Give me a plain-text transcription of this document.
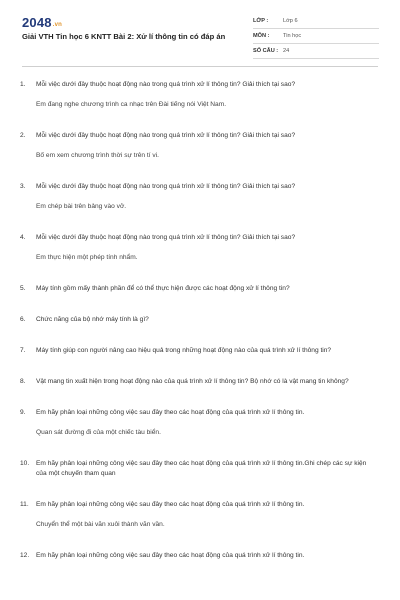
2048.vn
Giải VTH Tin học 6 KNTT Bài 2: Xử lí thông tin có đáp án
LỚP :	Lớp 6
MÔN :	Tin học
SỐ CÂU : 24
1.	Mỗi việc dưới đây thuộc hoạt động nào trong quá trình xử lí thông tin? Giải thích tại sao?
Em đang nghe chương trình ca nhạc trên Đài tiếng nói Việt Nam.
2.	Mỗi việc dưới đây thuộc hoạt động nào trong quá trình xử lí thông tin? Giải thích tại sao?
Bố em xem chương trình thời sự trên tí vi.
3.	Mỗi việc dưới đây thuộc hoạt động nào trong quá trình xử lí thông tin? Giải thích tại sao?
Em chép bài trên bảng vào vở.
4.	Mỗi việc dưới đây thuộc hoạt động nào trong quá trình xử lí thông tin? Giải thích tại sao?
Em thực hiện một phép tính nhẩm.
5.	Máy tính gồm mấy thành phần để có thể thực hiện được các hoạt động xử lí thông tin?
6.	Chức năng của bộ nhớ máy tính là gì?
7.	Máy tính giúp con người nâng cao hiệu quả trong những hoạt động nào của quá trình xử lí thông tin?
8.	Vật mang tin xuất hiện trong hoạt động nào của quá trình xử lí thông tin? Bộ nhớ có là vật mang tin không?
9.	Em hãy phân loại những công việc sau đây theo các hoạt động của quá trình xử lí thông tin.
Quan sát đường đi của một chiếc tàu biển.
10.	Em hãy phân loại những công việc sau đây theo các hoạt động của quá trình xử lí thông tin.Ghi chép các sự kiện của một chuyến tham quan
11.	Em hãy phân loại những công việc sau đây theo các hoạt động của quá trình xử lí thông tin.
Chuyển thể một bài văn xuôi thành văn vần.
12.	Em hãy phân loại những công việc sau đây theo các hoạt động của quá trình xử lí thông tin.
